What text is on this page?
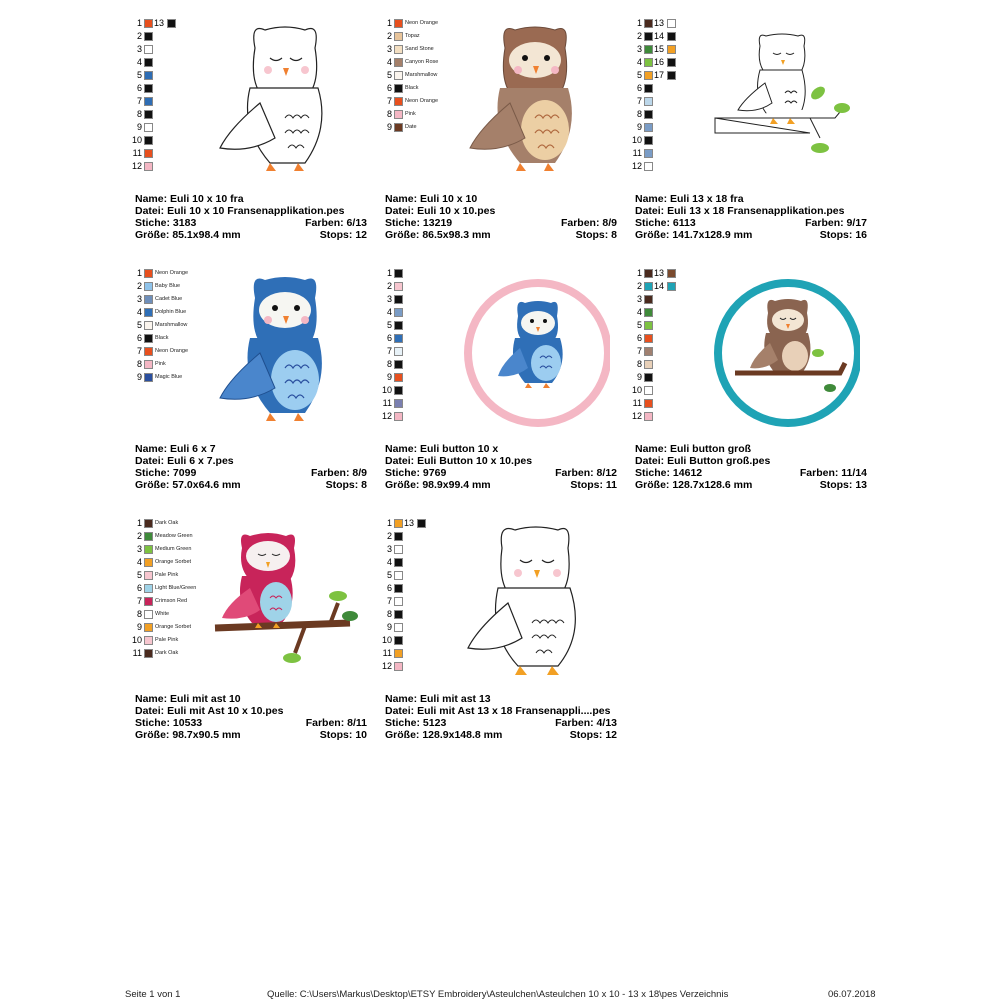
1 13
2
3
4
5
6
7
8
9
10
11
12
Name: Euli 10 x 10 fra
Datei: Euli 10 x 10 Fransenapplikation.pes
Stiche: 3183	Farben: 6/13
Größe: 85.1x98.4 mm	Stops: 12
1 Neon Orange
2 Topaz
3 Sand Stone
4 Canyon Rose
5 Marshmallow
6 Black
7 Neon Orange
8 Pink
9 Date
Name: Euli 10 x 10
Datei: Euli 10 x 10.pes
Stiche: 13219	Farben: 8/9
Größe: 86.5x98.3 mm	Stops: 8
1 13
2 14
3 15
4 16
5 17
6
7
8
9
10
11
12
Name: Euli 13 x 18 fra
Datei: Euli 13 x 18 Fransenapplikation.pes
Stiche: 6113	Farben: 9/17
Größe: 141.7x128.9 mm	Stops: 16
1 Neon Orange
2 Baby Blue
3 Cadet Blue
4 Dolphin Blue
5 Marshmallow
6 Black
7 Neon Orange
8 Pink
9 Magic Blue
Name: Euli 6 x 7
Datei: Euli 6 x 7.pes
Stiche: 7099	Farben: 8/9
Größe: 57.0x64.6 mm	Stops: 8
1
2
3
4
5
6
7
8
9
10
11
12
Name: Euli button 10 x
Datei: Euli Button 10 x 10.pes
Stiche: 9769	Farben: 8/12
Größe: 98.9x99.4 mm	Stops: 11
1 13
2 14
3
4
5
6
7
8
9
10
11
12
Name: Euli button groß
Datei: Euli Button groß.pes
Stiche: 14612	Farben: 11/14
Größe: 128.7x128.6 mm	Stops: 13
1 Dark Oak
2 Meadow Green
3 Medium Green
4 Orange Sorbet
5 Pale Pink
6 Light Blue/Green
7 Crimson Red
8 White
9 Orange Sorbet
10 Pale Pink
11 Dark Oak
Name: Euli mit ast 10
Datei: Euli mit Ast 10 x 10.pes
Stiche: 10533	Farben: 8/11
Größe: 98.7x90.5 mm	Stops: 10
1 13
2
3
4
5
6
7
8
9
10
11
12
Name: Euli mit ast 13
Datei: Euli mit Ast 13 x 18 Fransenappli....pes
Stiche: 5123	Farben: 4/13
Größe: 128.9x148.8 mm	Stops: 12
Seite 1 von 1	Quelle: C:\Users\Markus\Desktop\ETSY Embroidery\Asteulchen\Asteulchen 10 x 10 - 13 x 18\pes Verzeichnis	06.07.2018
